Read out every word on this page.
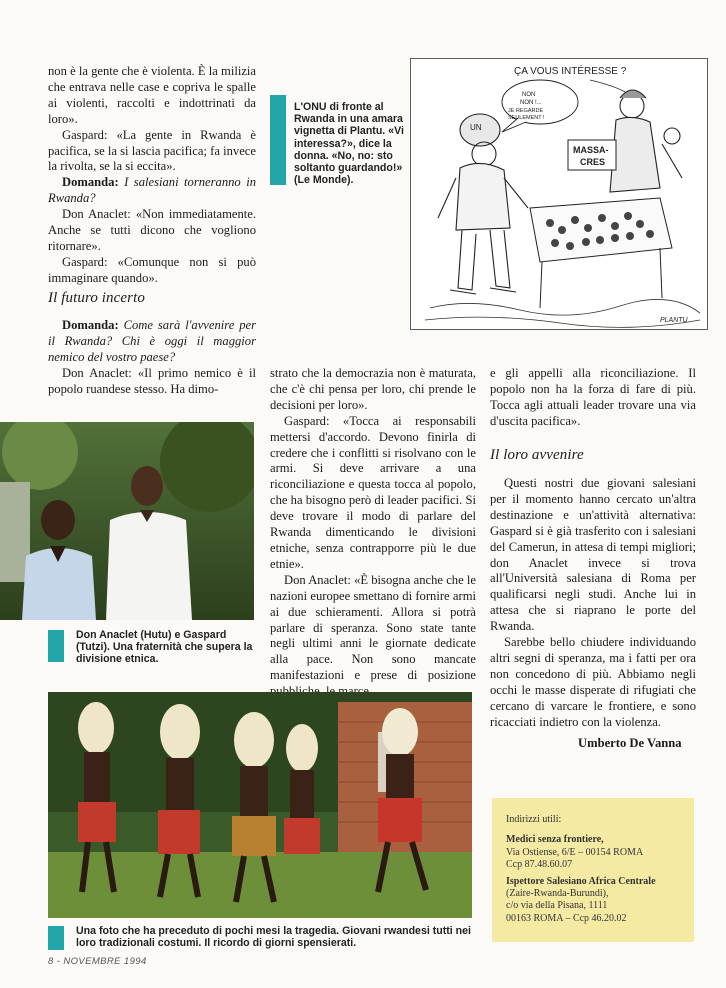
non è la gente che è violenta. È la milizia che entrava nelle case e copriva le spalle ai violenti, raccolti e indottrinati da loro».

Gaspard: «La gente in Rwanda è pacifica, se la si lascia pacifica; fa invece la rivolta, se la si eccita».

Domanda: I salesiani torneranno in Rwanda?

Don Anaclet: «Non immediatamente. Anche se tutti dicono che vogliono ritornare».

Gaspard: «Comunque non si può immaginare quando».

Il futuro incerto

Domanda: Come sarà l'avvenire per il Rwanda? Chi è oggi il maggior nemico del vostro paese?

Don Anaclet: «Il primo nemico è il popolo ruandese stesso. Ha dimo-

L'ONU di fronte al Rwanda in una amara vignetta di Plantu. «Vi interessa?», dice la donna. «No, no: sto soltanto guardando!» (Le Monde).
UN
MASSA-
CRES
ÇA VOUS INTÉRESSE ?
NON
NON !...
JE REGARDE
SEULEMENT !
PLANTU

strato che la democrazia non è maturata, che c'è chi pensa per loro, chi prende le decisioni per loro».

Gaspard: «Tocca ai responsabili mettersi d'accordo. Devono finirla di credere che i conflitti si risolvano con le armi. Si deve arrivare a una riconciliazione e questa tocca al popolo, che ha bisogno però di leader pacifici. Si deve trovare il modo di parlare del Rwanda dimenticando le divisioni etniche, senza contrapporre più le due etnie».

Don Anaclet: «È bisogna anche che le nazioni europee smettano di fornire armi ai due schieramenti. Allora si potrà parlare di speranza. Sono state tante negli ultimi anni le giornate dedicate alla pace. Non sono mancate manifestazioni e prese di posizione

e gli appelli alla riconciliazione. Il popolo non ha la forza di fare di più. Tocca agli attuali leader trovare una via d'uscita pacifica».

Il loro avvenire

Questi nostri due giovani salesiani per il momento hanno cercato un'altra destinazione e un'attività alternativa: Gaspard si è già trasferito con i salesiani del Camerun, in attesa di tempi migliori; don Anaclet invece si trova all'Università salesiana di Roma per qualificarsi negli studi. Anche lui in attesa che si riaprano le porte del Rwanda.

Sarebbe bello chiudere individuando altri segni di speranza, ma i fatti per ora non concedono di più. Abbiamo negli occhi le masse disperate di rifugiati che cercano di varcare le frontiere, e sono ricacciati indietro con la violenza.

Umberto De Vanna
Don Anaclet (Hutu) e Gaspard (Tutzi). Una fraternità che supera la divisione etnica.
Una foto che ha preceduto di pochi mesi la tragedia. Giovani rwandesi tutti nei loro tradizionali costumi. Il ricordo di giorni spensierati.
Indirizzi utili:
Medici senza frontiere,
Via Ostiense, 6/E – 00154 ROMA
Ccp 87.48.60.07
Ispettore Salesiano Africa Centrale
(Zaire-Rwanda-Burundi),
c/o via della Pisana, 1111
00163 ROMA – Ccp 46.20.02
8 - NOVEMBRE 1994
